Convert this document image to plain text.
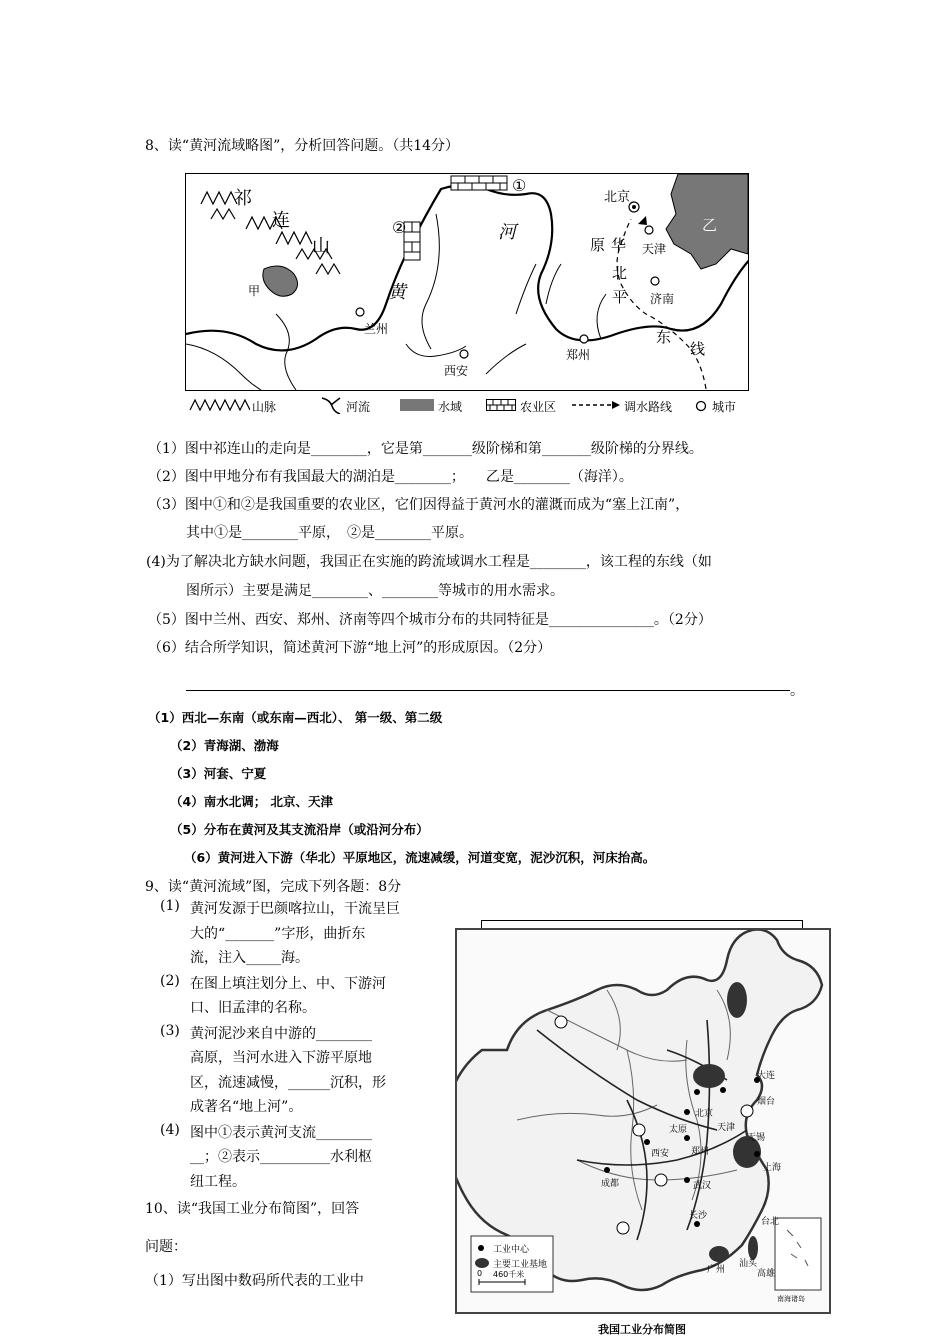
8、读“黄河流域略图”，分析回答问题。（共14分）
祁
连
山
甲
河
黄
兰州
西安
郑州
济南
天津
北京
乙
原 华
北
平
东
线
①
②
山脉	河流	水域	农业区	调水路线	城市
（1）图中祁连山的走向是________，它是第_______级阶梯和第_______级阶梯的分界线。
（2）图中甲地分布有我国最大的湖泊是________；　　乙是________（海洋）。
（3）图中①和②是我国重要的农业区，它们因得益于黄河水的灌溉而成为“塞上江南”，
其中①是________平原，　②是________平原。
(4)为了解决北方缺水问题，我国正在实施的跨流域调水工程是________，该工程的东线（如
图所示）主要是满足________、________等城市的用水需求。
（5）图中兰州、西安、郑州、济南等四个城市分布的共同特征是_______________。（2分）
（6）结合所学知识，简述黄河下游“地上河”的形成原因。（2分）
。
（1）西北—东南（或东南—西北）、 第一级、第二级
（2）青海湖、渤海
（3）河套、宁夏
（4）南水北调； 北京、天津
（5）分布在黄河及其支流沿岸（或沿河分布）
（6）黄河进入下游（华北）平原地区，流速减缓，河道变宽，泥沙沉积，河床抬高。
9、读“黄河流域”图，完成下列各题：8分
(1) 黄河发源于巴颜喀拉山，干流呈巨
大的“_______”字形，曲折东
流，注入_____海。
(2) 在图上填注划分上、中、下游河
口、旧孟津的名称。
(3) 黄河泥沙来自中游的________
高原，当河水进入下游平原地
区，流速减慢，______沉积，形
成著名“地上河”。
(4) 图中①表示黄河支流________
__；②表示__________水利枢
纽工程。
10、读“我国工业分布简图”，回答
问题：
（1）写出图中数码所代表的工业中
工业中心
主要工业基地
0 460千米
南海诸岛
北京
天津
大连
烟台
太原
西安 郑州
成都	武汉
上海
无锡
长沙
台北
汕头
广州	高雄
我国工业分布简图
